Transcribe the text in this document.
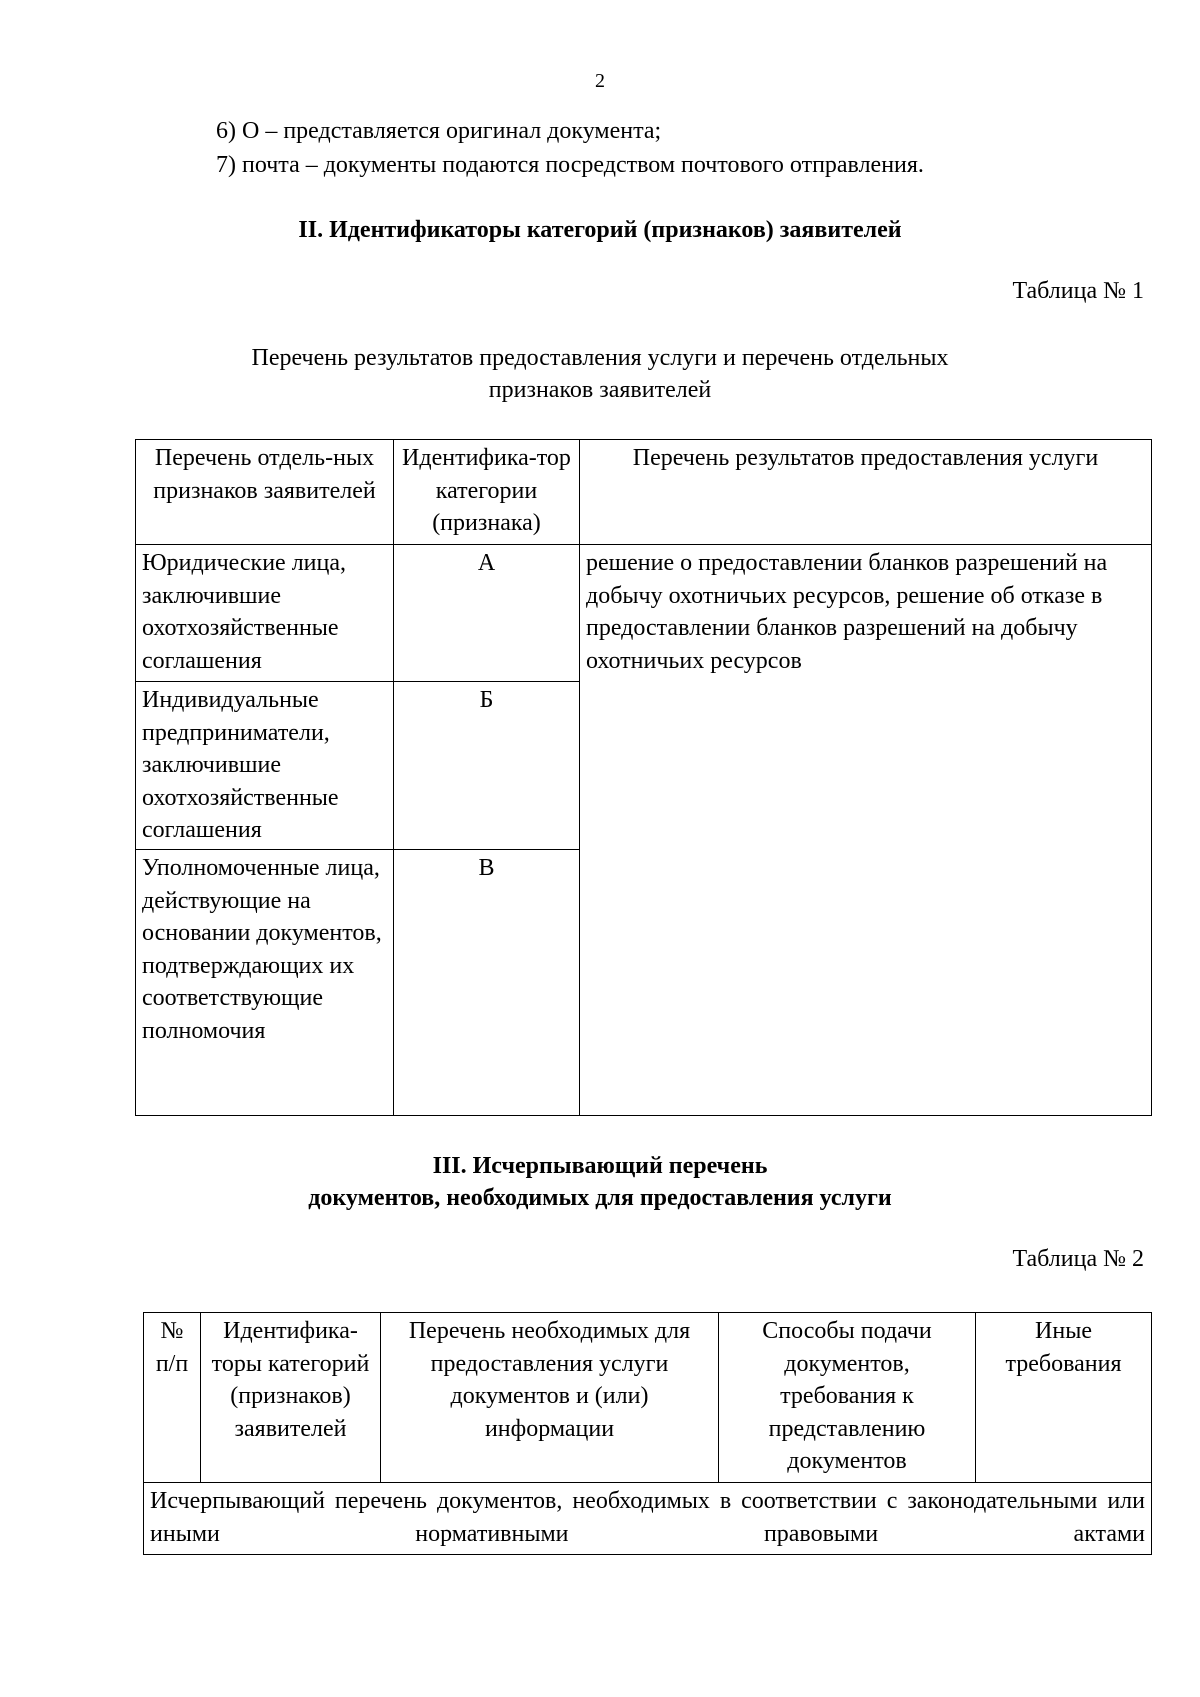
2
6) О – представляется оригинал документа;
7) почта – документы подаются посредством почтового отправления.
II. Идентификаторы категорий (признаков) заявителей
Таблица № 1
Перечень результатов предоставления услуги и перечень отдельных
признаков заявителей
Перечень отдель-ных признаков заявителей	Идентифика-тор категории (признака)	Перечень результатов предоставления услуги
Юридические лица, заключившие охотхозяйственные соглашения	А	решение о предоставлении бланков разрешений на добычу охотничьих ресурсов, решение об отказе в предоставлении бланков разрешений на добычу охотничьих ресурсов
Индивидуальные предприниматели, заключившие охотхозяйственные соглашения	Б	
Уполномоченные лица, действующие на основании документов, подтверждающих их соответствующие полномочия	В	
III. Исчерпывающий перечень
документов, необходимых для предоставления услуги
Таблица № 2
№ п/п	Идентифика-торы категорий (признаков) заявителей	Перечень необходимых для предоставления услуги документов и (или) информации	Способы подачи документов, требования к представлению документов	Иные требования
Исчерпывающий перечень документов, необходимых в соответствии с законодательными или иными нормативными правовыми актами
